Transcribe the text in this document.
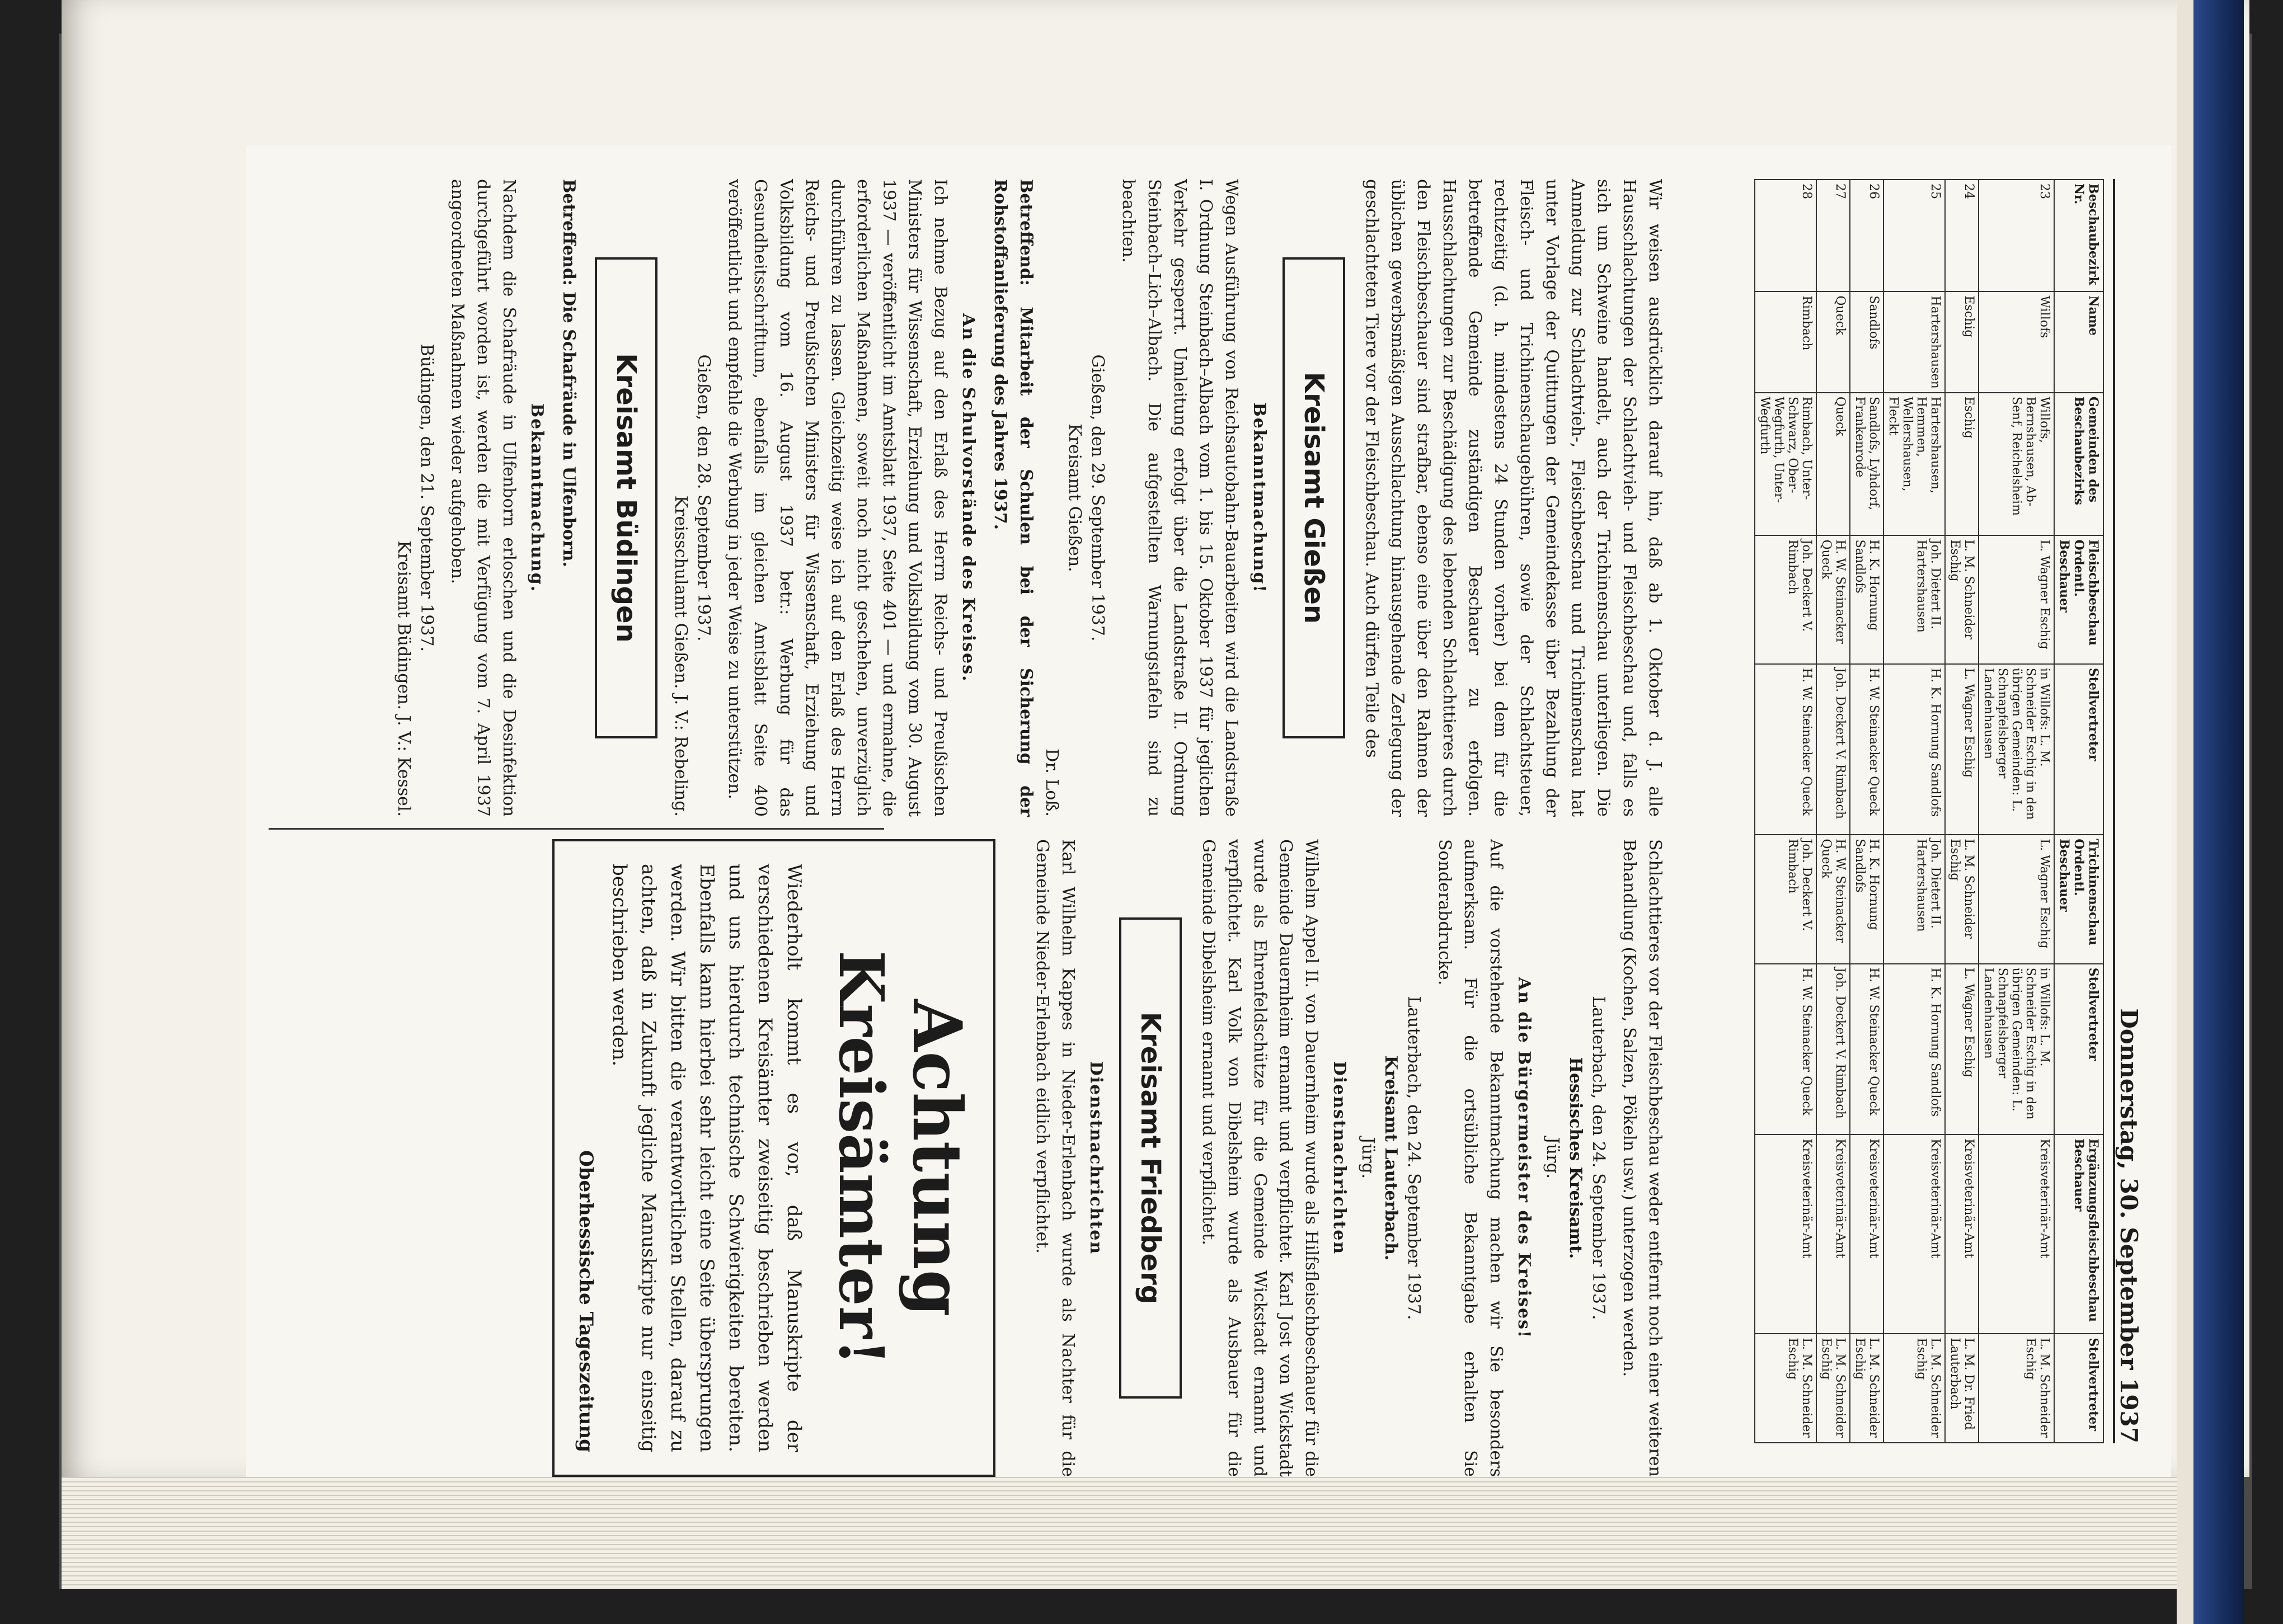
Donnerstag, 30. September 1937
Beschaubezirk Nr.	Name	Gemeinden des Beschaubezirks	Fleischbeschau Ordentl. Beschauer	Stellvertreter	Trichinenschau Ordentl. Beschauer	Stellvertreter	Ergänzungsfleischbeschau Beschauer	Stellvertreter
23	Willofs	Willofs, Bernshausen, Ab-Senf, Reichelsheim	L. Wagner Eschig	in Willofs: L. M. Schneider Eschig in den übrigen Gemeinden: L. Schnapfelsberger Landenhausen	L. Wagner Eschig	in Willofs: L. M. Schneider Eschig in den übrigen Gemeinden: L. Schnapfelsberger Landenhausen	Kreisveterinär-Amt	L. M. Schneider Eschig
24	Eschig	Eschig	L. M. Schneider Eschig	L. Wagner Eschig	L. M. Schneider Eschig	L. Wagner Eschig	Kreisveterinär-Amt	L. M. Dr. Fried Lauterbach
25	Hartershausen	Hartershausen, Hemmen, Wellershausen, Fleckt	Joh. Dietert II. Hartershausen	H. K. Hornung Sandlofs	Joh. Dietert II. Hartershausen	H. K. Hornung Sandlofs	Kreisveterinär-Amt	L. M. Schneider Eschig
26	Sandlofs	Sandlofs, Lyhdorf, Frankenrode	H. K. Hornung Sandlofs	H. W. Steinacker Queck	H. K. Hornung Sandlofs	H. W. Steinacker Queck	Kreisveterinär-Amt	L. M. Schneider Eschig
27	Queck	Queck	H. W. Steinacker Queck	Joh. Deckert V. Rimbach	H. W. Steinacker Queck	Joh. Deckert V. Rimbach	Kreisveterinär-Amt	L. M. Schneider Eschig
28	Rimbach	Rimbach, Unter-Schwarz, Ober-Wegfurth, Unter-Wegfurth	Joh. Deckert V. Rimbach	H. W. Steinacker Queck	Joh. Deckert V. Rimbach	H. W. Steinacker Queck	Kreisveterinär-Amt	L. M. Schneider Eschig

Wir weisen ausdrücklich darauf hin, daß ab 1. Oktober d. J. alle Hausschlachtungen der Schlachtvieh- und Fleischbeschau und, falls es sich um Schweine handelt, auch der Trichinenschau unterliegen. Die Anmeldung zur Schlachtvieh-, Fleischbeschau und Trichinenschau hat unter Vorlage der Quittungen der Gemeindekasse über Bezahlung der Fleisch- und Trichinenschaugebühren, sowie der Schlachtsteuer, rechtzeitig (d. h. mindestens 24 Stunden vorher) bei dem für die betreffende Gemeinde zuständigen Beschauer zu erfolgen. Hausschlachtungen zur Beschädigung des lebenden Schlachttieres durch den Fleischbeschauer sind strafbar, ebenso eine über den Rahmen der üblichen gewerbsmäßigen Ausschlachtung hinausgehende Zerlegung der geschlachteten Tiere vor der Fleischbeschau. Auch dürfen Teile des

Kreisamt Gießen
Bekanntmachung!

Wegen Ausführung von Reichsautobahn-Bauarbeiten wird die Landstraße I. Ordnung Steinbach–Albach vom 1. bis 15. Oktober 1937 für jeglichen Verkehr gesperrt. Umleitung erfolgt über die Landstraße II. Ordnung Steinbach–Lich–Albach. Die aufgestellten Warnungstafeln sind zu beachten.

Gießen, den 29. September 1937.
Kreisamt Gießen.
Dr. Loß.

Betreffend: Mitarbeit der Schulen bei der Sicherung der Rohstoffanlieferung des Jahres 1937.

An die Schulvorstände des Kreises.

Ich nehme Bezug auf den Erlaß des Herrn Reichs- und Preußischen Ministers für Wissenschaft, Erziehung und Volksbildung vom 30. August 1937 — veröffentlicht im Amtsblatt 1937, Seite 401 — und ermahne, die erforderlichen Maßnahmen, soweit noch nicht geschehen, unverzüglich durchführen zu lassen. Gleichzeitig weise ich auf den Erlaß des Herrn Reichs- und Preußischen Ministers für Wissenschaft, Erziehung und Volksbildung vom 16. August 1937 betr.: Werbung für das Gesundheitsschrifttum, ebenfalls im gleichen Amtsblatt Seite 400 veröffentlicht und empfehle die Werbung in jeder Weise zu unterstützen.

Gießen, den 28. September 1937.
Kreisschulamt Gießen. J. V.: Rebeling.
Kreisamt Büdingen

Betreffend: Die Schafräude in Ulfenborn.

Bekanntmachung.

Nachdem die Schafräude in Ulfenborn erloschen und die Desinfektion durchgeführt worden ist, werden die mit Verfügung vom 7. April 1937 angeordneten Maßnahmen wieder aufgehoben.

Büdingen, den 21. September 1937.
Kreisamt Büdingen. J. V.: Kessel.

Schlachttieres vor der Fleischbeschau weder entfernt noch einer weiteren Behandlung (Kochen, Salzen, Pökeln usw.) unterzogen werden.

Lauterbach, den 24. September 1937.
Hessisches Kreisamt.
Jürg.
An die Bürgermeister des Kreises!

Auf die vorstehende Bekanntmachung machen wir Sie besonders aufmerksam. Für die ortsübliche Bekanntgabe erhalten Sie Sonderabdrucke.

Lauterbach, den 24. September 1937.
Kreisamt Lauterbach.
Jürg.
Dienstnachrichten

Wilhelm Appel II. von Dauernheim wurde als Hilfsfleischbeschauer für die Gemeinde Dauernheim ernannt und verpflichtet. Karl Jost von Wickstadt wurde als Ehrenfeldschütze für die Gemeinde Wickstadt ernannt und verpflichtet. Karl Volk von Dibelsheim wurde als Ausbauer für die Gemeinde Dibelsheim ernannt und verpflichtet.

Kreisamt Friedberg
Dienstnachrichten

Karl Wilhelm Kappes in Nieder-Erlenbach wurde als Nachter für die Gemeinde Nieder-Erlenbach eidlich verpflichtet.

Achtung
Kreisämter!

Wiederholt kommt es vor, daß Manuskripte der verschiedenen Kreisämter zweiseitig beschrieben werden und uns hierdurch technische Schwierigkeiten bereiten. Ebenfalls kann hierbei sehr leicht eine Seite übersprungen werden. Wir bitten die verantwortlichen Stellen, darauf zu achten, daß in Zukunft jegliche Manuskripte nur einseitig beschrieben werden.

Oberhessische Tageszeitung
